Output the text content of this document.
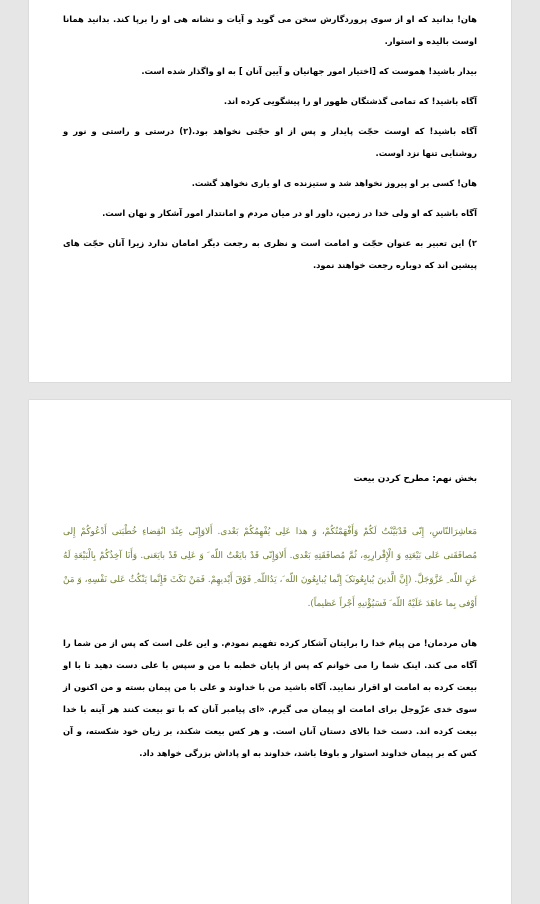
هان! بدانید که او از سوی پروردگارش سخن می گوید و آیات و نشانه هی او را برپا کند. بدانید همانا اوست بالیده و استوار.

بیدار باشید! هموست که [اختیار امور جهانیان و آیین آنان ] به او واگذار شده است.

آگاه باشید! که تمامی گذشتگان ظهور او را پیشگویی کرده اند.

آگاه باشید! که اوست حجّت پایدار و پس از او حجّتی نخواهد بود.(۲) درستی و راستی و نور و روشنایی تنها نزد اوست.

هان! کسی بر او پیروز نخواهد شد و ستیزنده ی او یاری نخواهد گشت.

آگاه باشید که او ولی خدا در زمین، داور او در میان مردم و امانتدار امور آشکار و نهان است.

۲) این تعبیر به عنوان حجّت و امامت است و نظری به رجعت دیگر امامان ندارد زیرا آنان حجّت های پیشین اند که دوباره رجعت خواهند نمود.

بخش نهم: مطرح کردن بیعت

مَعاشِرَالنّاسِ، إِنّی قَدْبَیَّنْتُ لَکُمْ وَأَفْهَمْتُکُمْ، وَ هذا عَلِی یُفْهِمُکُمْ بَعْدی. أَلاوَإِنّی عِنْدَ انْقِضاءِ خُطْبَتی أَدْعُوکُمْ إِلی مُصافَقَتی عَلی بَیْعَتِهِ وَ الْإِقْرارِبِهِ، ثُمَّ مُصافَقَتِهِ بَعْدی. أَلاوَإِنّی قَدْ بایَعْتُ اللّه َ وَ عَلِی قَدْ بایَعَنی. وَأَنَا آخِذُکُمْ بِالْبَیْعَةِ لَهُ عَنِ اللّه ِ عَزَّوَجَلَّ. (إِنَّ الَّذینَ یُبایِعُونَکَ إِنَّما یُبایِعُونَ اللّه َ، یَدُاللّه ِ فَوْقَ أَیْدیهِمْ. فَمَنْ نَکَثَ فَإِنَّما یَنْکُثُ عَلی نَفْسِهِ، وَ مَنْ أَوْفی بِما عاهَدَ عَلَیْهُ اللّه َ فَسَیُؤْتیهِ أَجْراً عَظیماً).

هان مردمان! من پیام خدا را برایتان آشکار کرده تفهیم نمودم. و این علی است که پس از من شما را آگاه می کند. اینک شما را می خوانم که پس از پایان خطبه با من و سپس با علی دست دهید تا با او بیعت کرده به امامت او اقرار نمایید. آگاه باشید من با خداوند و علی با من پیمان بسته و من اکنون از سوی خدی عزّوجل برای امامت او پیمان می گیرم. «ای پیامبر آنان که با تو بیعت کنند هر آینه با خدا بیعت کرده اند. دست خدا بالای دستان آنان است. و هر کس بیعت شکند، بر زیان خود شکسته، و آن کس که بر پیمان خداوند استوار و باوفا باشد، خداوند به او پاداش بزرگی خواهد داد.
